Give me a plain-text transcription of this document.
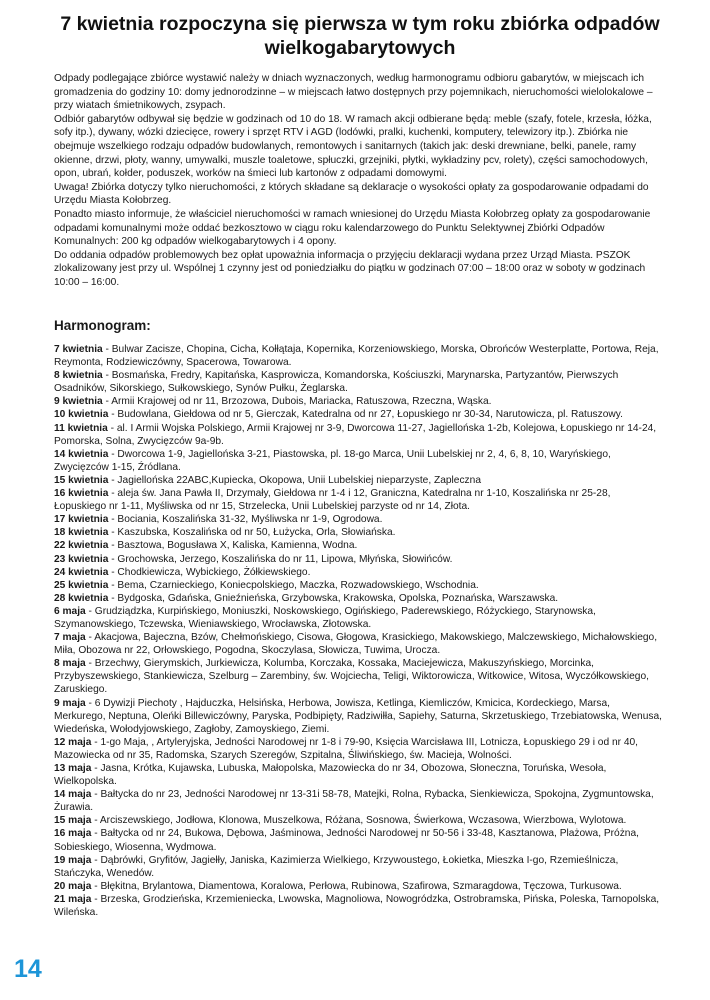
7 kwietnia rozpoczyna się pierwsza w tym roku zbiórka odpadów wielkogabarytowych

Odpady podlegające zbiórce wystawić należy w dniach wyznaczonych, według harmonogramu odbioru gabarytów, w miejscach ich gromadzenia do godziny 10: domy jednorodzinne – w miejscach łatwo dostępnych przy pojemnikach, nieruchomości wielolokalowe – przy wiatach śmietnikowych, zsypach.

Odbiór gabarytów odbywał się będzie w godzinach od 10 do 18. W ramach akcji odbierane będą: meble (szafy, fotele, krzesła, łóżka, sofy itp.), dywany, wózki dziecięce, rowery i sprzęt RTV i AGD (lodówki, pralki, kuchenki, komputery, telewizory itp.). Zbiórka nie obejmuje wszelkiego rodzaju odpadów budowlanych, remontowych i sanitarnych (takich jak: deski drewniane, belki, panele, ramy okienne, drzwi, płoty, wanny, umywalki, muszle toaletowe, spłuczki, grzejniki, płytki, wykładziny pcv, rolety), części samochodowych, opon, ubrań, kołder, poduszek, worków na śmieci lub kartonów z odpadami domowymi.

Uwaga! Zbiórka dotyczy tylko nieruchomości, z których składane są deklaracje o wysokości opłaty za gospodarowanie odpadami do Urzędu Miasta Kołobrzeg.

Ponadto miasto informuje, że właściciel nieruchomości w ramach wniesionej do Urzędu Miasta Kołobrzeg opłaty za gospodarowanie odpadami komunalnymi może oddać bezkosztowo w ciągu roku kalendarzowego do Punktu Selektywnej Zbiórki Odpadów Komunalnych: 200 kg odpadów wielkogabarytowych i 4 opony.

Do oddania odpadów problemowych bez opłat upoważnia informacja o przyjęciu deklaracji wydana przez Urząd Miasta. PSZOK zlokalizowany jest przy ul. Wspólnej 1 czynny jest od poniedziałku do piątku w godzinach 07:00 – 18:00 oraz w soboty w godzinach 10:00 – 16:00.

Harmonogram:

7 kwietnia - Bulwar Zacisze, Chopina, Cicha, Kołłątaja, Kopernika, Korzeniowskiego, Morska, Obrońców Westerplatte, Portowa, Reja, Reymonta, Rodziewiczówny, Spacerowa, Towarowa.

8 kwietnia - Bosmańska, Fredry, Kapitańska, Kasprowicza, Komandorska, Kościuszki, Marynarska, Partyzantów, Pierwszych Osadników, Sikorskiego, Sułkowskiego, Synów Pułku, Żeglarska.

9 kwietnia - Armii Krajowej od nr 11, Brzozowa, Dubois, Mariacka, Ratuszowa, Rzeczna, Wąska.

10 kwietnia - Budowlana, Giełdowa od nr 5, Gierczak, Katedralna od nr 27, Łopuskiego nr 30-34, Narutowicza, pl. Ratuszowy.

11 kwietnia - al. I Armii Wojska Polskiego, Armii Krajowej nr 3-9, Dworcowa 11-27, Jagiellońska 1-2b, Kolejowa, Łopuskiego nr 14-24, Pomorska, Solna, Zwycięzców 9a-9b.

14 kwietnia - Dworcowa 1-9, Jagiellońska 3-21, Piastowska, pl. 18-go Marca, Unii Lubelskiej nr 2, 4, 6, 8, 10, Waryńskiego, Zwycięzców 1-15, Źródlana.

15 kwietnia - Jagiellońska 22ABC,Kupiecka, Okopowa, Unii Lubelskiej nieparzyste, Zapleczna

16 kwietnia - aleja św. Jana Pawła II, Drzymały, Giełdowa nr 1-4 i 12, Graniczna, Katedralna nr 1-10, Koszalińska nr 25-28, Łopuskiego nr 1-11, Myśliwska od nr 15, Strzelecka, Unii Lubelskiej parzyste od nr 14, Złota.

17 kwietnia - Bociania, Koszalińska 31-32, Myśliwska nr 1-9, Ogrodowa.

18 kwietnia - Kaszubska, Koszalińska od nr 50, Łużycka, Orla, Słowiańska.

22 kwietnia - Basztowa, Bogusława X, Kaliska, Kamienna, Wodna.

23 kwietnia - Grochowska, Jerzego, Koszalińska do nr 11, Lipowa, Młyńska, Słowińców.

24 kwietnia - Chodkiewicza, Wybickiego, Żółkiewskiego.

25 kwietnia - Bema, Czarnieckiego, Koniecpolskiego, Maczka, Rozwadowskiego, Wschodnia.

28 kwietnia - Bydgoska, Gdańska, Gnieźnieńska, Grzybowska, Krakowska, Opolska, Poznańska, Warszawska.

6 maja - Grudziądzka, Kurpińskiego, Moniuszki, Noskowskiego, Ogińskiego, Paderewskiego, Różyckiego, Starynowska, Szymanowskiego, Tczewska, Wieniawskiego, Wrocławska, Złotowska.

7 maja - Akacjowa, Bajeczna, Bzów, Chełmońskiego, Cisowa, Głogowa, Krasickiego, Makowskiego, Malczewskiego, Michałowskiego, Miła, Obozowa nr 22, Orłowskiego, Pogodna, Skoczylasa, Słowicza, Tuwima, Urocza.

8 maja - Brzechwy, Gierymskich, Jurkiewicza, Kolumba, Korczaka, Kossaka, Maciejewicza, Makuszyńskiego, Morcinka, Przybyszewskiego, Stankiewicza, Szelburg – Zarembiny, św. Wojciecha, Teligi, Wiktorowicza, Witkowice, Witosa, Wyczółkowskiego, Zaruskiego.

9 maja - 6 Dywizji Piechoty , Hajduczka, Helsińska, Herbowa, Jowisza, Ketlinga, Kiemliczów, Kmicica, Kordeckiego, Marsa, Merkurego, Neptuna, Oleńki Billewiczówny, Paryska, Podbipięty, Radziwiłła, Sapiehy, Saturna, Skrzetuskiego, Trzebiatowska, Wenusa, Wiedeńska, Wołodyjowskiego, Zagłoby, Zamoyskiego, Ziemi.

12 maja - 1-go Maja, , Artyleryjska, Jedności Narodowej nr 1-8 i 79-90, Księcia Warcisława III, Lotnicza, Łopuskiego 29 i od nr 40, Mazowiecka od nr 35, Radomska, Szarych Szeregów, Szpitalna, Śliwińskiego, św. Macieja, Wolności.

13 maja - Jasna, Krótka, Kujawska, Lubuska, Małopolska, Mazowiecka do nr 34, Obozowa, Słoneczna, Toruńska, Wesoła, Wielkopolska.

14 maja - Bałtycka do nr 23, Jedności Narodowej nr 13-31i 58-78, Matejki, Rolna, Rybacka, Sienkiewicza, Spokojna, Zygmuntowska, Żurawia.

15 maja - Arciszewskiego, Jodłowa, Klonowa, Muszelkowa, Różana, Sosnowa, Świerkowa, Wczasowa, Wierzbowa, Wylotowa.

16 maja - Bałtycka od nr 24, Bukowa, Dębowa, Jaśminowa, Jedności Narodowej nr 50-56 i 33-48, Kasztanowa, Plażowa, Próżna, Sobieskiego, Wiosenna, Wydmowa.

19 maja - Dąbrówki, Gryfitów, Jagiełły, Janiska, Kazimierza Wielkiego, Krzywoustego, Łokietka, Mieszka I-go, Rzemieślnicza, Stańczyka, Wenedów.

20 maja - Błękitna, Brylantowa, Diamentowa, Koralowa, Perłowa, Rubinowa, Szafirowa, Szmaragdowa, Tęczowa, Turkusowa.

21 maja - Brzeska, Grodzieńska, Krzemieniecka, Lwowska, Magnoliowa, Nowogródzka, Ostrobramska, Pińska, Poleska, Tarnopolska, Wileńska.

14
